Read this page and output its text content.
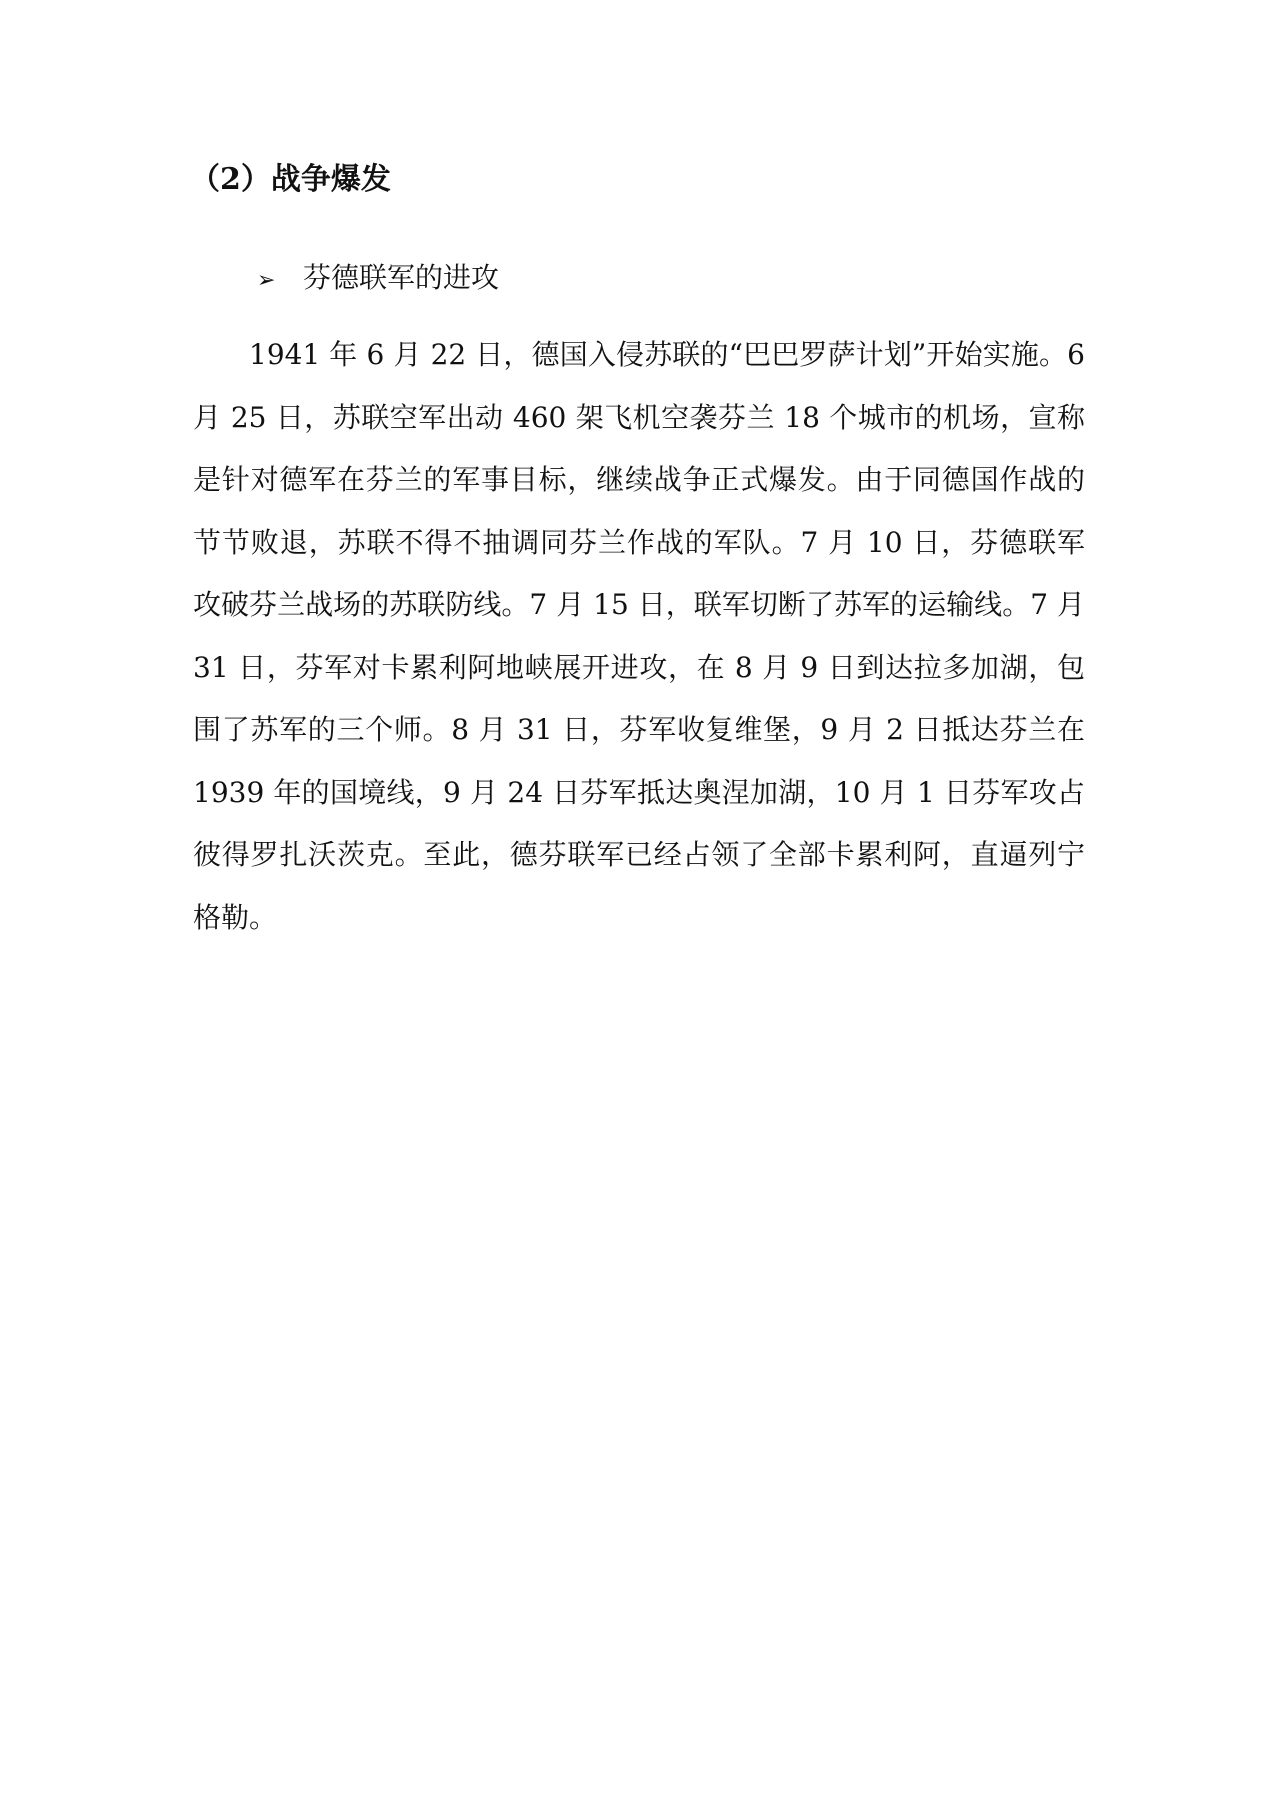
（2）战争爆发
➢ 芬德联军的进攻

1941 年 6 月 22 日，德国入侵苏联的“巴巴罗萨计划”开始实施。6 月 25 日，苏联空军出动 460 架飞机空袭芬兰 18 个城市的机场，宣称是针对德军在芬兰的军事目标，继续战争正式爆发。由于同德国作战的节节败退，苏联不得不抽调同芬兰作战的军队。7 月 10 日，芬德联军攻破芬兰战场的苏联防线。7 月 15 日，联军切断了苏军的运输线。7 月 31 日，芬军对卡累利阿地峡展开进攻，在 8 月 9 日到达拉多加湖，包围了苏军的三个师。8 月 31 日，芬军收复维堡，9 月 2 日抵达芬兰在 1939 年的国境线，9 月 24 日芬军抵达奥涅加湖，10 月 1 日芬军攻占彼得罗扎沃茨克。至此，德芬联军已经占领了全部卡累利阿，直逼列宁格勒。
